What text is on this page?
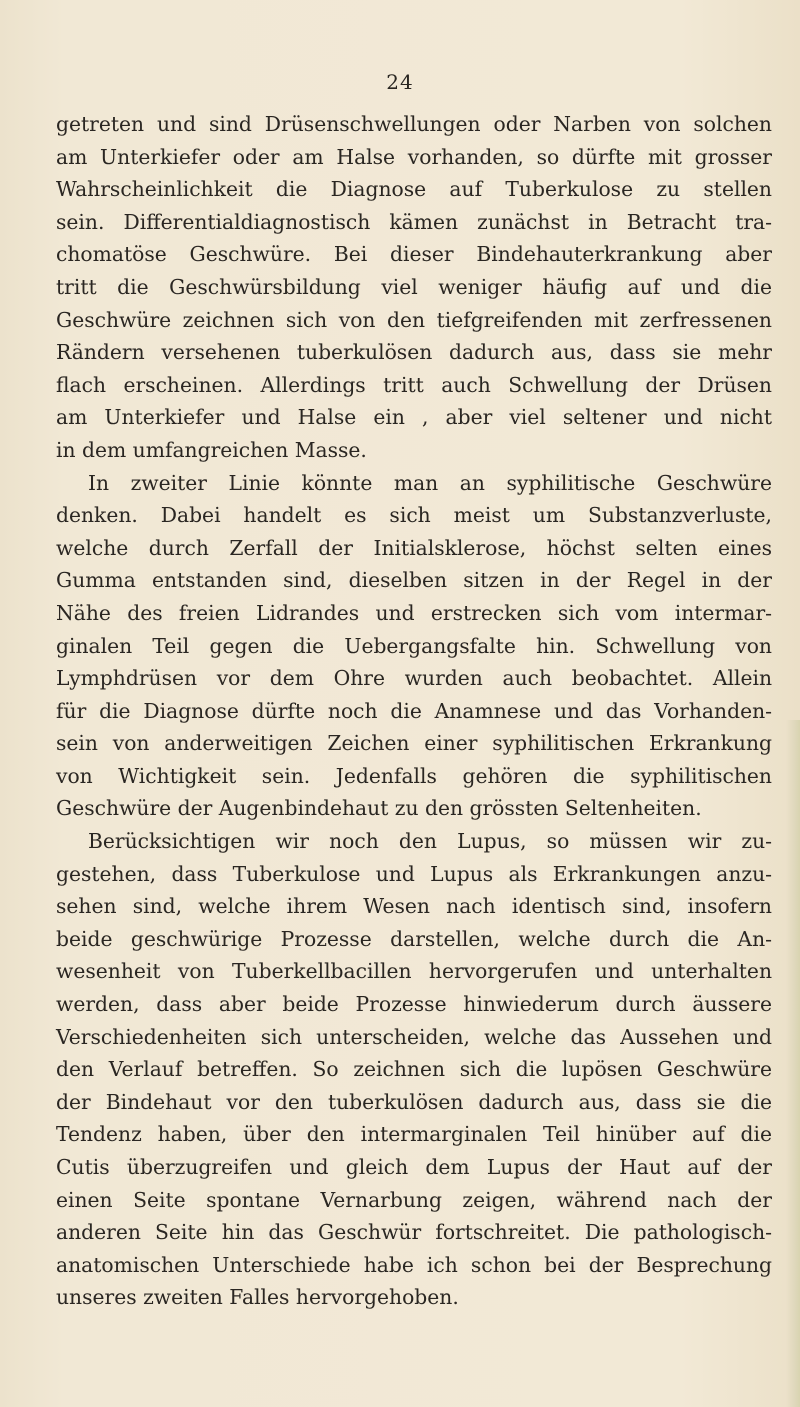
24
getreten und sind Drüsenschwellungen oder Narben von solchen
am Unterkiefer oder am Halse vorhanden, so dürfte mit grosser
Wahrscheinlichkeit die Diagnose auf Tuberkulose zu stellen
sein. Differentialdiagnostisch kämen zunächst in Betracht tra-
chomatöse Geschwüre. Bei dieser Bindehauterkrankung aber
tritt die Geschwürsbildung viel weniger häufig auf und die
Geschwüre zeichnen sich von den tiefgreifenden mit zerfressenen
Rändern versehenen tuberkulösen dadurch aus, dass sie mehr
flach erscheinen. Allerdings tritt auch Schwellung der Drüsen
am Unterkiefer und Halse ein , aber viel seltener und nicht
in dem umfangreichen Masse.
In zweiter Linie könnte man an syphilitische Geschwüre
denken. Dabei handelt es sich meist um Substanzverluste,
welche durch Zerfall der Initialsklerose, höchst selten eines
Gumma entstanden sind, dieselben sitzen in der Regel in der
Nähe des freien Lidrandes und erstrecken sich vom intermar-
ginalen Teil gegen die Uebergangsfalte hin. Schwellung von
Lymphdrüsen vor dem Ohre wurden auch beobachtet. Allein
für die Diagnose dürfte noch die Anamnese und das Vorhanden-
sein von anderweitigen Zeichen einer syphilitischen Erkrankung
von Wichtigkeit sein. Jedenfalls gehören die syphilitischen
Geschwüre der Augenbindehaut zu den grössten Seltenheiten.
Berücksichtigen wir noch den Lupus, so müssen wir zu-
gestehen, dass Tuberkulose und Lupus als Erkrankungen anzu-
sehen sind, welche ihrem Wesen nach identisch sind, insofern
beide geschwürige Prozesse darstellen, welche durch die An-
wesenheit von Tuberkellbacillen hervorgerufen und unterhalten
werden, dass aber beide Prozesse hinwiederum durch äussere
Verschiedenheiten sich unterscheiden, welche das Aussehen und
den Verlauf betreffen. So zeichnen sich die lupösen Geschwüre
der Bindehaut vor den tuberkulösen dadurch aus, dass sie die
Tendenz haben, über den intermarginalen Teil hinüber auf die
Cutis überzugreifen und gleich dem Lupus der Haut auf der
einen Seite spontane Vernarbung zeigen, während nach der
anderen Seite hin das Geschwür fortschreitet. Die pathologisch-
anatomischen Unterschiede habe ich schon bei der Besprechung
unseres zweiten Falles hervorgehoben.
